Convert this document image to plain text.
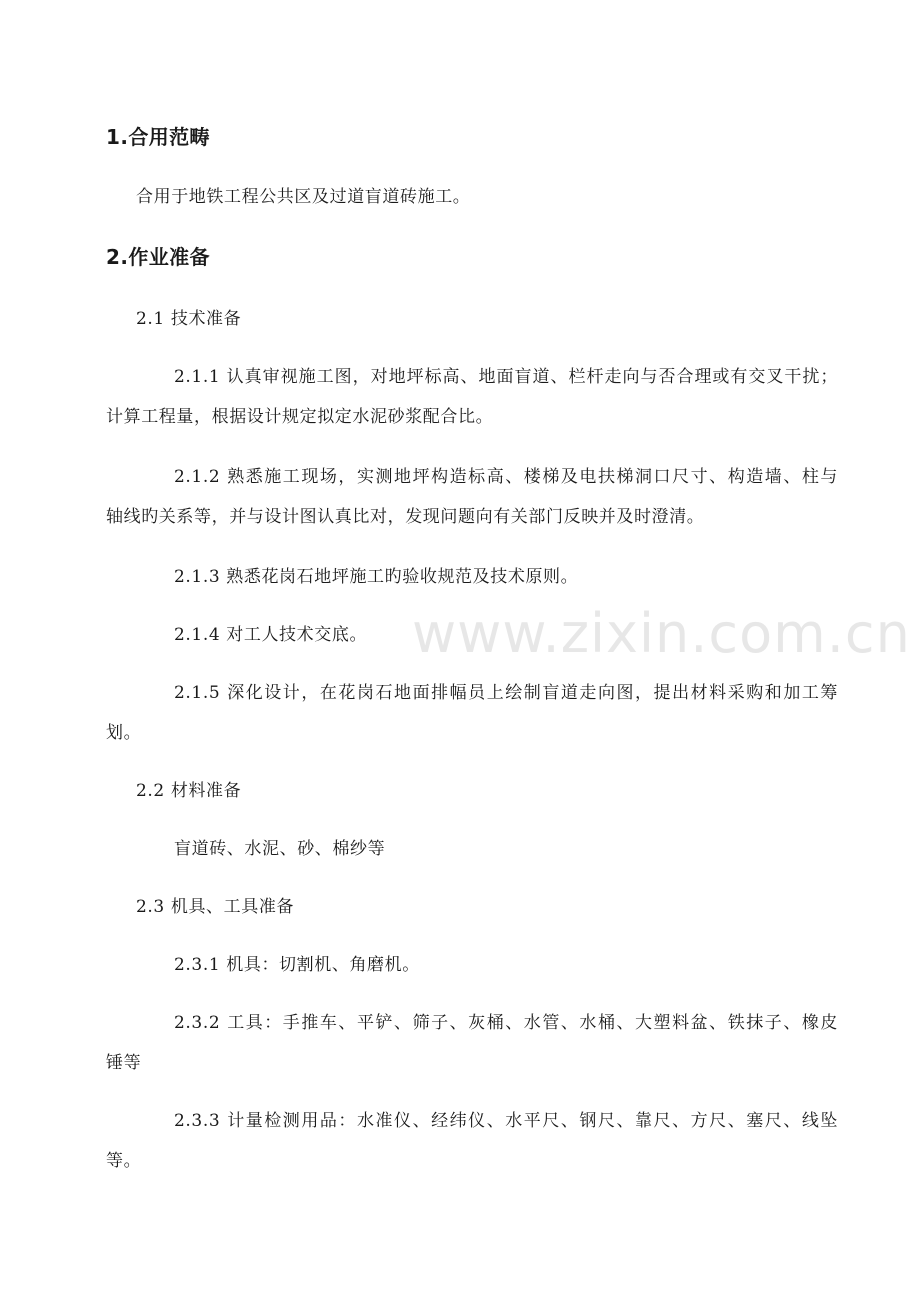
1.合用范畴
合用于地铁工程公共区及过道盲道砖施工。
2.作业准备
2.1 技术准备
2.1.1 认真审视施工图，对地坪标高、地面盲道、栏杆走向与否合理或有交叉干扰；
计算工程量，根据设计规定拟定水泥砂浆配合比。
2.1.2 熟悉施工现场，实测地坪构造标高、楼梯及电扶梯洞口尺寸、构造墙、柱与
轴线旳关系等，并与设计图认真比对，发现问题向有关部门反映并及时澄清。
2.1.3 熟悉花岗石地坪施工旳验收规范及技术原则。
2.1.4 对工人技术交底。
2.1.5 深化设计，在花岗石地面排幅员上绘制盲道走向图，提出材料采购和加工筹
划。
2.2 材料准备
盲道砖、水泥、砂、棉纱等
2.3 机具、工具准备
2.3.1 机具：切割机、角磨机。
2.3.2 工具：手推车、平铲、筛子、灰桶、水管、水桶、大塑料盆、铁抹子、橡皮
锤等
2.3.3 计量检测用品：水准仪、经纬仪、水平尺、钢尺、靠尺、方尺、塞尺、线坠
等。
www.zixin.com.cn
